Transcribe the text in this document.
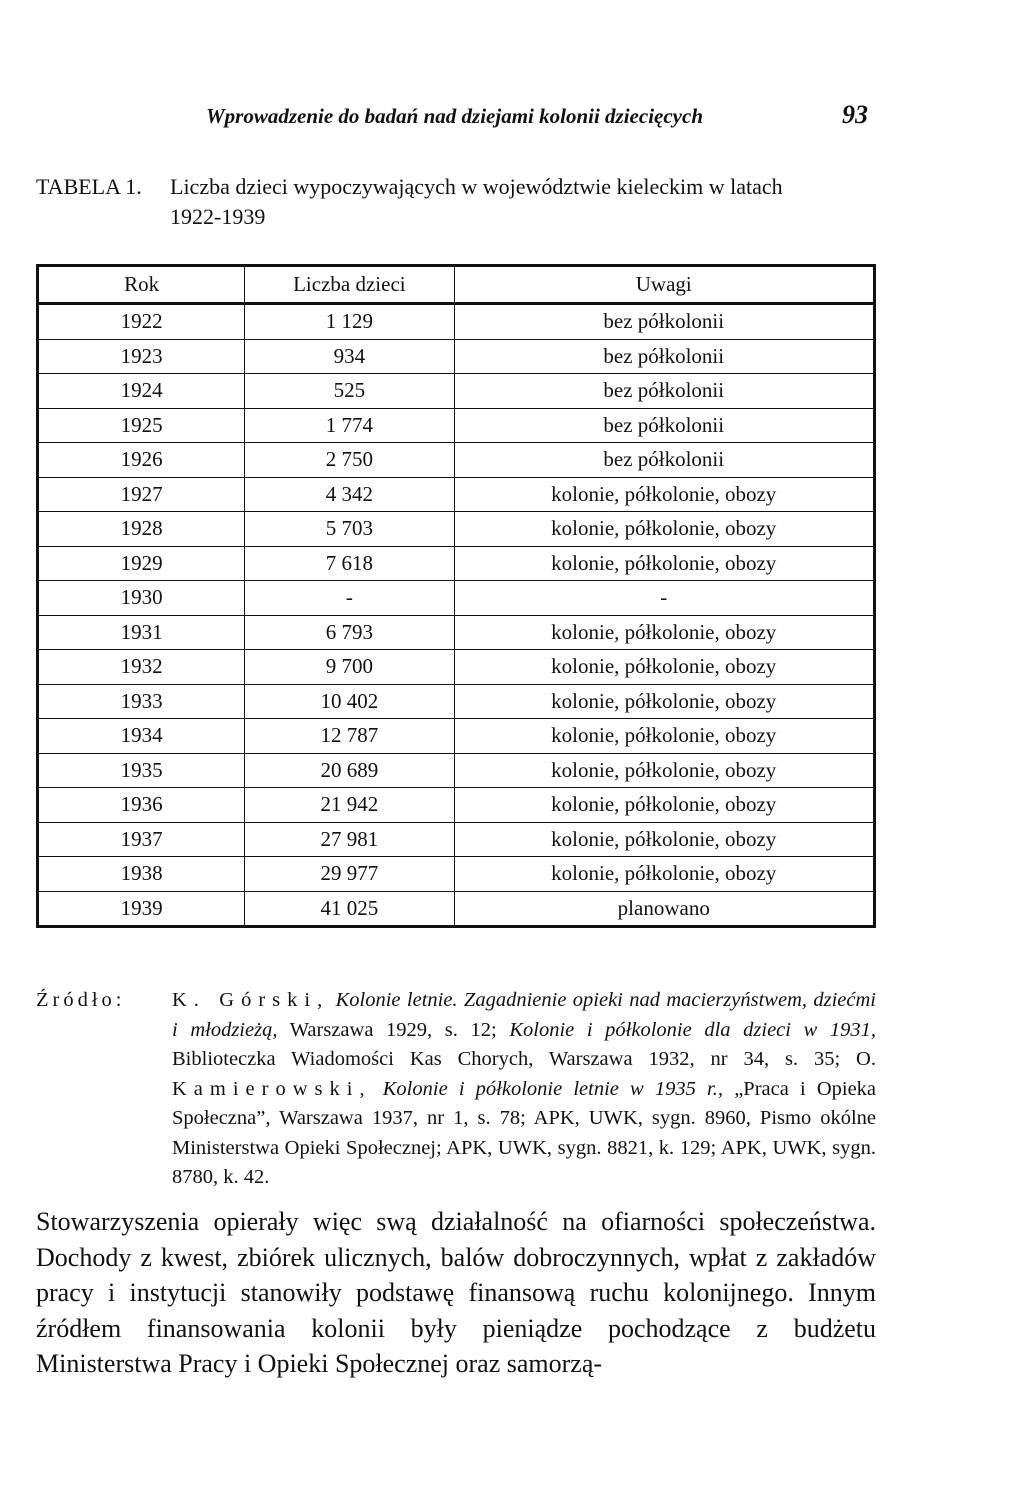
Wprowadzenie do badań nad dziejami kolonii dziecięcych	93
TABELA 1. Liczba dzieci wypoczywających w województwie kieleckim w latach
1922-1939
Rok	Liczba dzieci	Uwagi
1922	1 129	bez półkolonii
1923	934	bez półkolonii
1924	525	bez półkolonii
1925	1 774	bez półkolonii
1926	2 750	bez półkolonii
1927	4 342	kolonie, półkolonie, obozy
1928	5 703	kolonie, półkolonie, obozy
1929	7 618	kolonie, półkolonie, obozy
1930	-	-
1931	6 793	kolonie, półkolonie, obozy
1932	9 700	kolonie, półkolonie, obozy
1933	10 402	kolonie, półkolonie, obozy
1934	12 787	kolonie, półkolonie, obozy
1935	20 689	kolonie, półkolonie, obozy
1936	21 942	kolonie, półkolonie, obozy
1937	27 981	kolonie, półkolonie, obozy
1938	29 977	kolonie, półkolonie, obozy
1939	41 025	planowano
Źródło: K. Górski, Kolonie letnie. Zagadnienie opieki nad macierzyństwem, dziećmi i młodzieżą, Warszawa 1929, s. 12; Kolonie i półkolonie dla dzieci w 1931, Biblioteczka Wiadomości Kas Chorych, Warszawa 1932, nr 34, s. 35; O. Kamierowski, Kolonie i półkolonie letnie w 1935 r., „Praca i Opieka Społeczna”, Warszawa 1937, nr 1, s. 78; APK, UWK, sygn. 8960, Pismo okólne Ministerstwa Opieki Społecznej; APK, UWK, sygn. 8821, k. 129; APK, UWK, sygn. 8780, k. 42.
Stowarzyszenia opierały więc swą działalność na ofiarności społeczeństwa. Dochody z kwest, zbiórek ulicznych, balów dobroczynnych, wpłat z zakładów pracy i instytucji stanowiły podstawę finansową ruchu kolonijnego. Innym źródłem finansowania kolonii były pieniądze pochodzące z budżetu Ministerstwa Pracy i Opieki Społecznej oraz samorzą-
